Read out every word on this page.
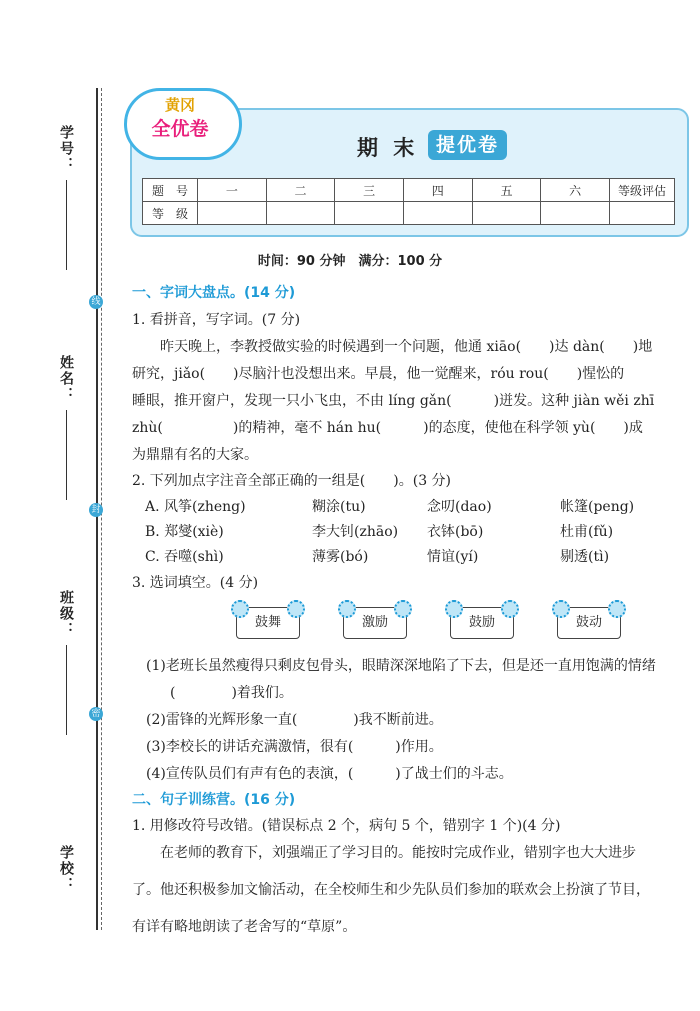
学号：
姓名：
班级：
学校：
线
封
密
黄冈
全优卷
期 末 提优卷
题　号	一	二	三	四	五	六	等级评估
等　级							
时间：90 分钟　满分：100 分
一、字词大盘点。(14 分)
1. 看拼音，写字词。(7 分)
昨天晚上，李教授做实验的时候遇到一个问题，他通 xiāo(　　)达 dàn(　　)地
研究，jiǎo(　　)尽脑汁也没想出来。早晨，他一觉醒来，róu rou(　　)惺忪的
睡眼，推开窗户，发现一只小飞虫，不由 líng gǎn(　　　)迸发。这种 jiàn wěi zhī
zhù(　　　　　)的精神，毫不 hán hu(　　　)的态度，使他在科学领 yù(　　)成
为鼎鼎有名的大家。
2. 下列加点字注音全部正确的一组是(　　)。(3 分)
A. 风筝(zheng)	糊涂(tu)	念叨(dao)	帐篷(peng)
B. 郑燮(xiè)	李大钊(zhāo) 衣钵(bō)	杜甫(fǔ)
C. 吞噬(shì)	薄雾(bó)	情谊(yí)	剔透(tì)
3. 选词填空。(4 分)
鼓舞	激励	鼓励	鼓动
(1)老班长虽然瘦得只剩皮包骨头，眼睛深深地陷了下去，但是还一直用饱满的情绪
(　　　　)着我们。
(2)雷锋的光辉形象一直(　　　　)我不断前进。
(3)李校长的讲话充满激情，很有(　　　)作用。
(4)宣传队员们有声有色的表演，(　　　)了战士们的斗志。
二、句子训练营。(16 分)
1. 用修改符号改错。(错误标点 2 个，病句 5 个，错别字 1 个)(4 分)
在老师的教育下，刘强端正了学习目的。能按时完成作业，错别字也大大进步
了。他还积极参加文愉活动，在全校师生和少先队员们参加的联欢会上扮演了节目，
有详有略地朗读了老舍写的“草原”。
